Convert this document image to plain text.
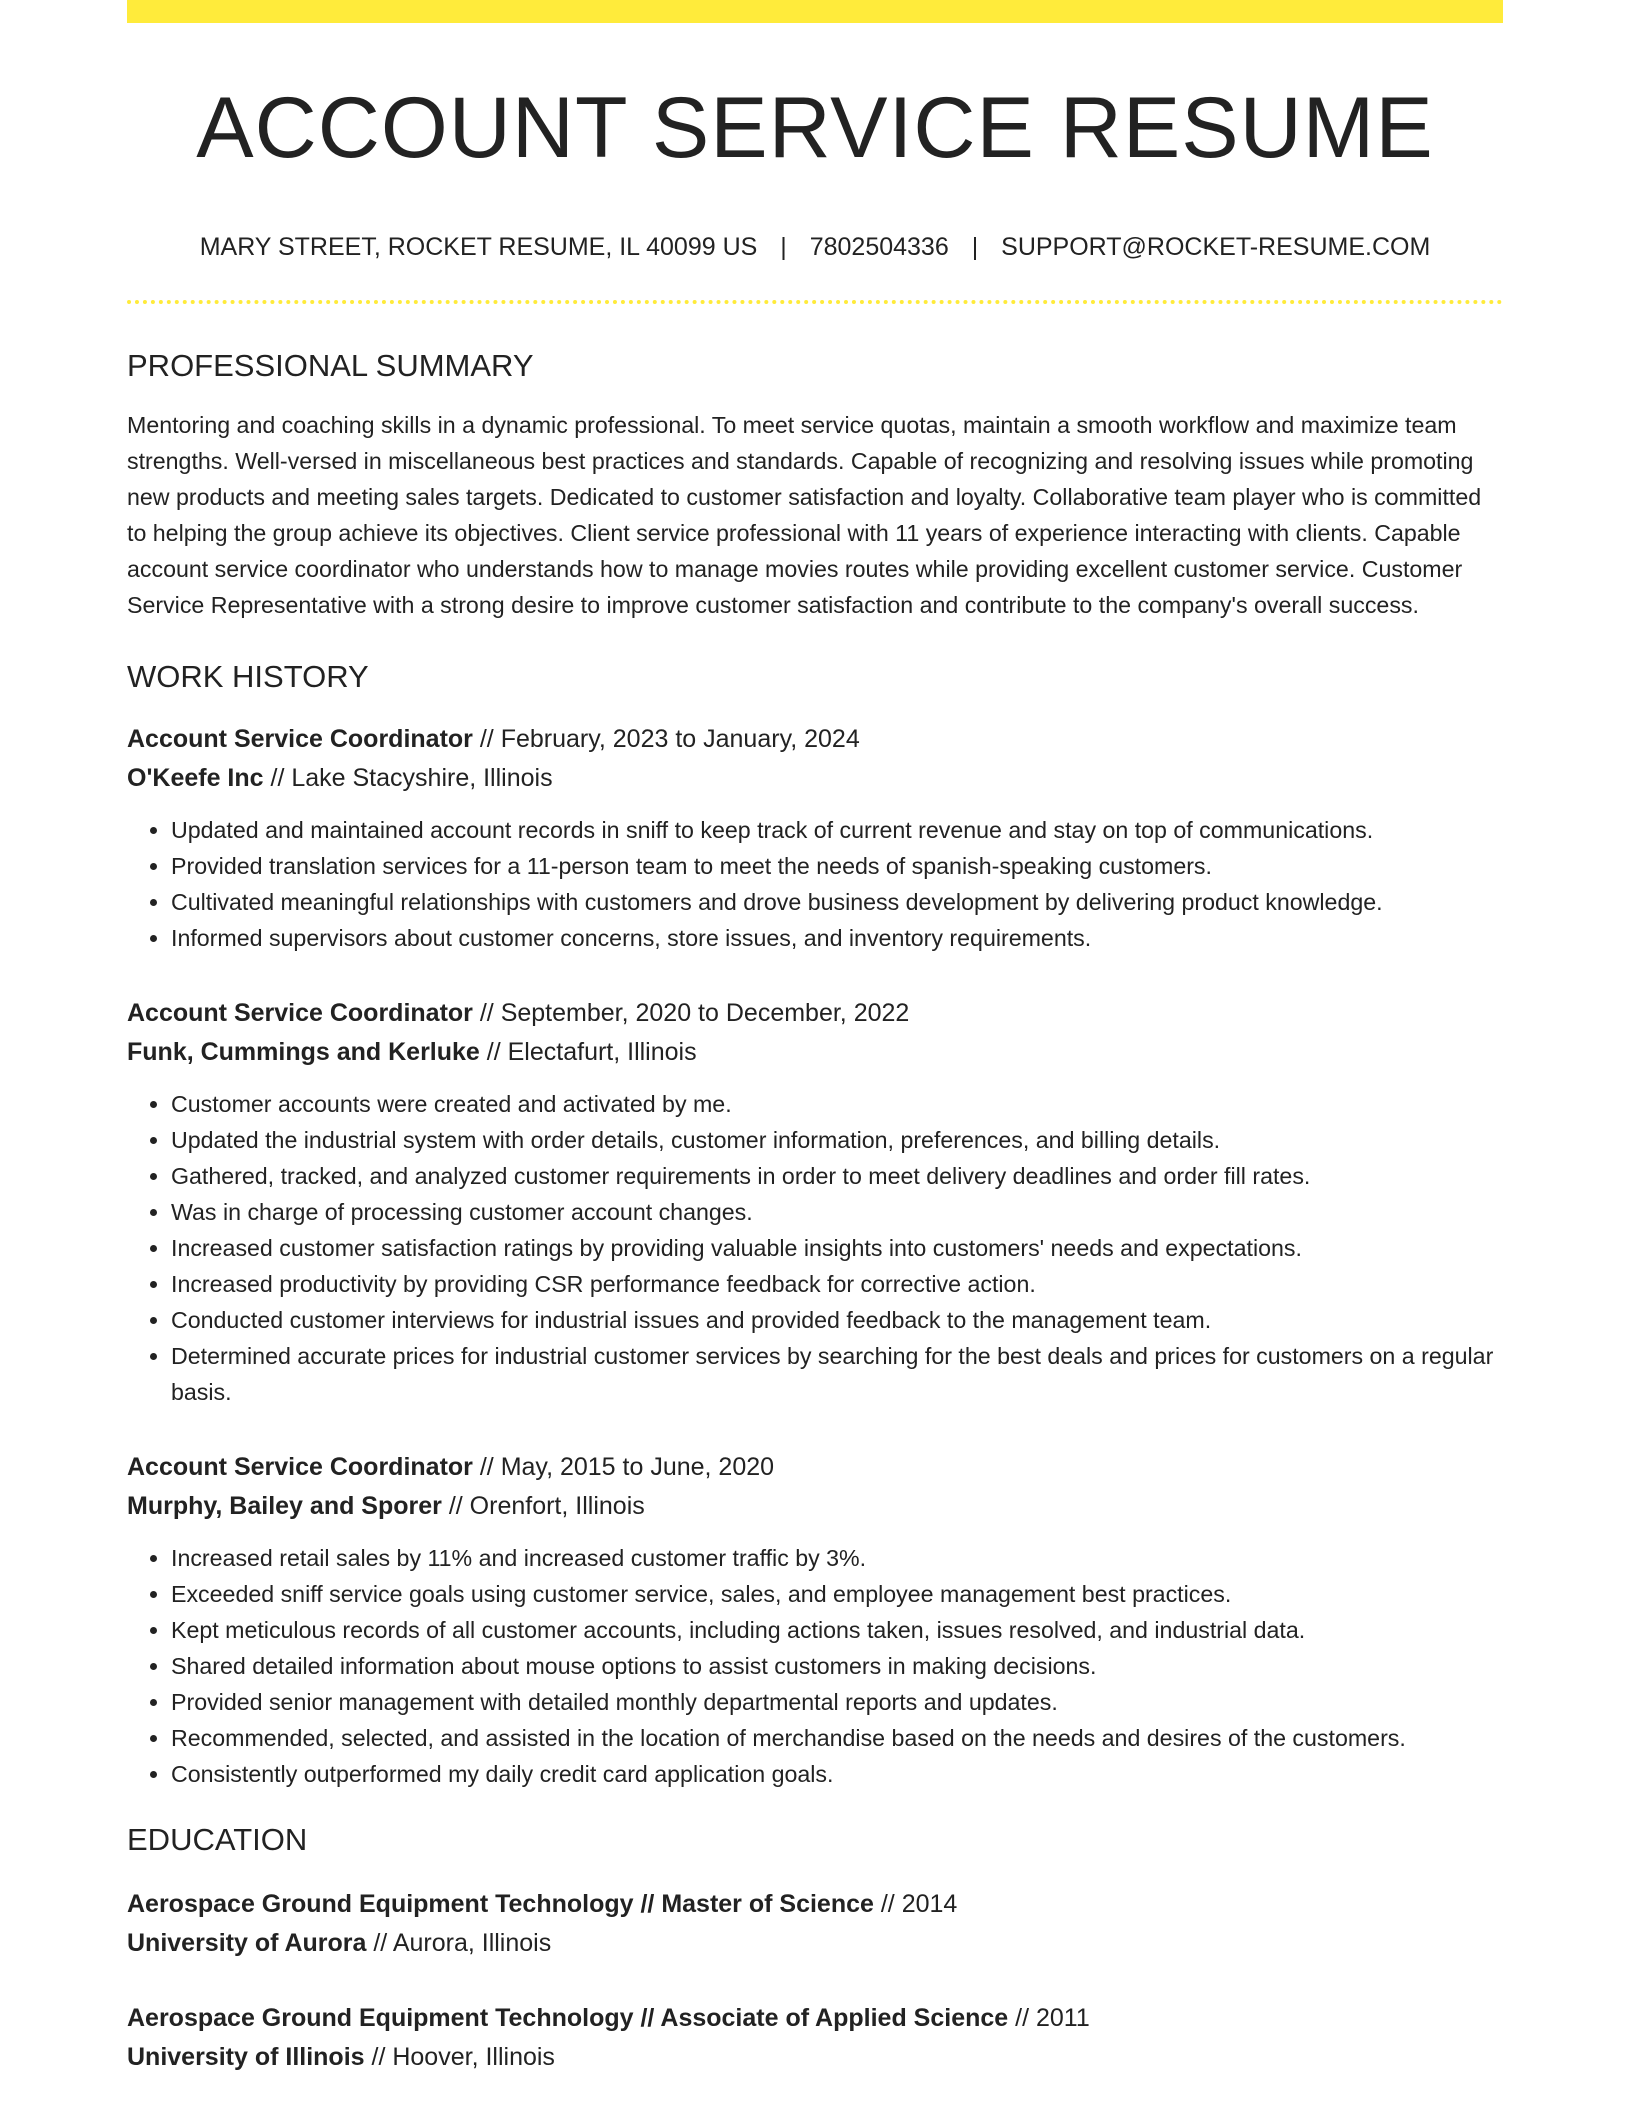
ACCOUNT SERVICE RESUME
MARY STREET, ROCKET RESUME, IL 40099 US | 7802504336 | SUPPORT@ROCKET-RESUME.COM
PROFESSIONAL SUMMARY

Mentoring and coaching skills in a dynamic professional. To meet service quotas, maintain a smooth workflow and maximize team strengths. Well-versed in miscellaneous best practices and standards. Capable of recognizing and resolving issues while promoting new products and meeting sales targets. Dedicated to customer satisfaction and loyalty. Collaborative team player who is committed to helping the group achieve its objectives. Client service professional with 11 years of experience interacting with clients. Capable account service coordinator who understands how to manage movies routes while providing excellent customer service. Customer Service Representative with a strong desire to improve customer satisfaction and contribute to the company's overall success.

WORK HISTORY
Account Service Coordinator // February, 2023 to January, 2024
O'Keefe Inc // Lake Stacyshire, Illinois
• Updated and maintained account records in sniff to keep track of current revenue and stay on top of communications.
• Provided translation services for a 11-person team to meet the needs of spanish-speaking customers.
• Cultivated meaningful relationships with customers and drove business development by delivering product knowledge.
• Informed supervisors about customer concerns, store issues, and inventory requirements.
Account Service Coordinator // September, 2020 to December, 2022
Funk, Cummings and Kerluke // Electafurt, Illinois
• Customer accounts were created and activated by me.
• Updated the industrial system with order details, customer information, preferences, and billing details.
• Gathered, tracked, and analyzed customer requirements in order to meet delivery deadlines and order fill rates.
• Was in charge of processing customer account changes.
• Increased customer satisfaction ratings by providing valuable insights into customers' needs and expectations.
• Increased productivity by providing CSR performance feedback for corrective action.
• Conducted customer interviews for industrial issues and provided feedback to the management team.
• Determined accurate prices for industrial customer services by searching for the best deals and prices for customers on a regular basis.
Account Service Coordinator // May, 2015 to June, 2020
Murphy, Bailey and Sporer // Orenfort, Illinois
• Increased retail sales by 11% and increased customer traffic by 3%.
• Exceeded sniff service goals using customer service, sales, and employee management best practices.
• Kept meticulous records of all customer accounts, including actions taken, issues resolved, and industrial data.
• Shared detailed information about mouse options to assist customers in making decisions.
• Provided senior management with detailed monthly departmental reports and updates.
• Recommended, selected, and assisted in the location of merchandise based on the needs and desires of the customers.
• Consistently outperformed my daily credit card application goals.
EDUCATION
Aerospace Ground Equipment Technology // Master of Science // 2014
University of Aurora // Aurora, Illinois
Aerospace Ground Equipment Technology // Associate of Applied Science // 2011
University of Illinois // Hoover, Illinois
